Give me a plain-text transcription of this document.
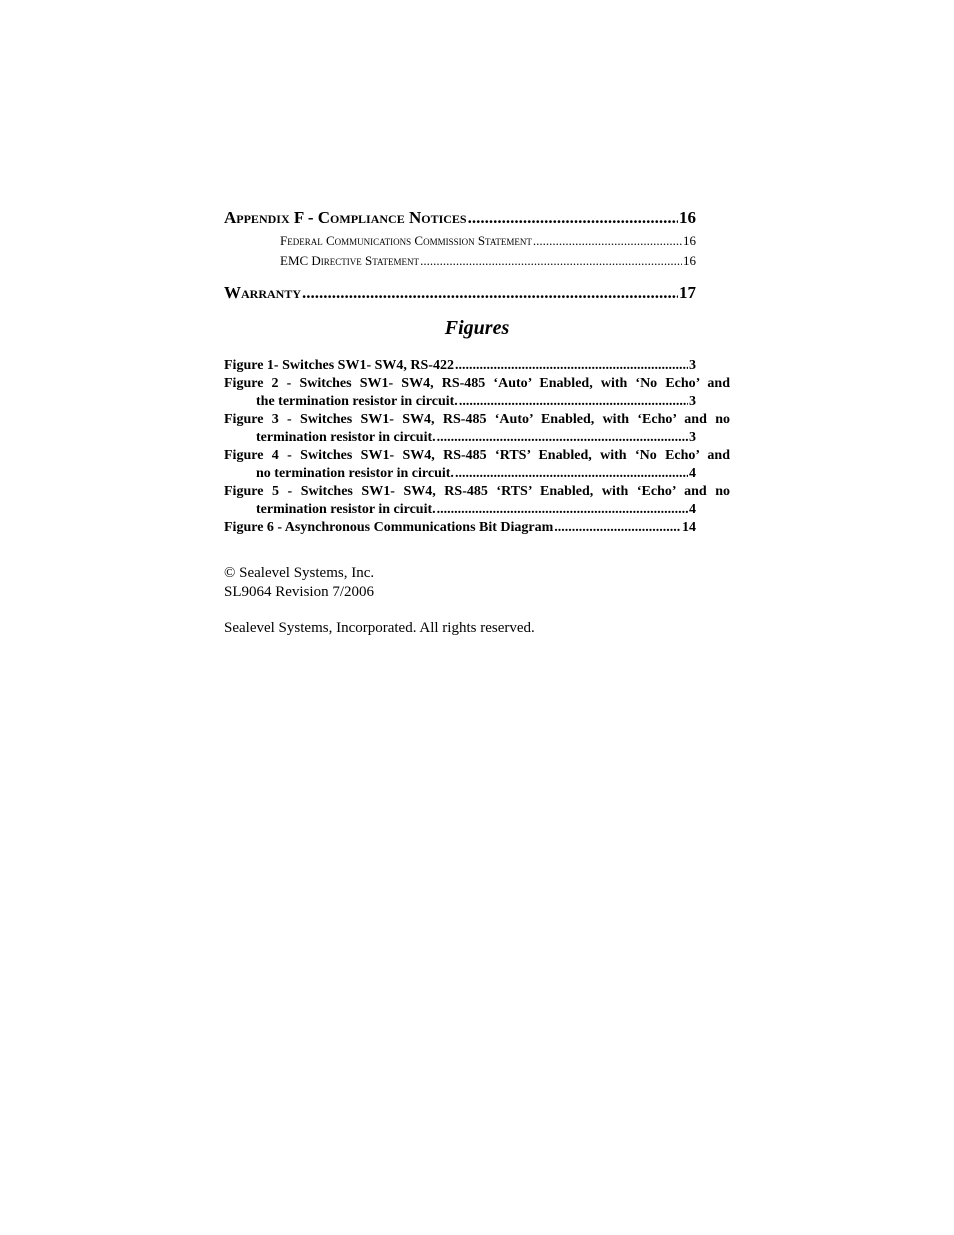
Appendix F - Compliance Notices .....	16
Federal Communications Commission Statement .....	16
EMC Directive Statement .....	16
Warranty .....	17
Figures
Figure 1- Switches SW1- SW4, RS-422 .....	3
Figure 2 - Switches SW1- SW4, RS-485 ‘Auto’ Enabled, with ‘No Echo’ and
the termination resistor in circuit. .....	3
Figure 3 - Switches SW1- SW4, RS-485 ‘Auto’ Enabled, with ‘Echo’ and no
termination resistor in circuit. .....	3
Figure 4 - Switches SW1- SW4, RS-485 ‘RTS’ Enabled, with ‘No Echo’ and
no termination resistor in circuit. .....	4
Figure 5 - Switches SW1- SW4, RS-485 ‘RTS’ Enabled, with ‘Echo’ and no
termination resistor in circuit. .....	4
Figure 6 - Asynchronous Communications Bit Diagram .....	14
© Sealevel Systems, Inc.
SL9064 Revision 7/2006
Sealevel Systems, Incorporated. All rights reserved.
